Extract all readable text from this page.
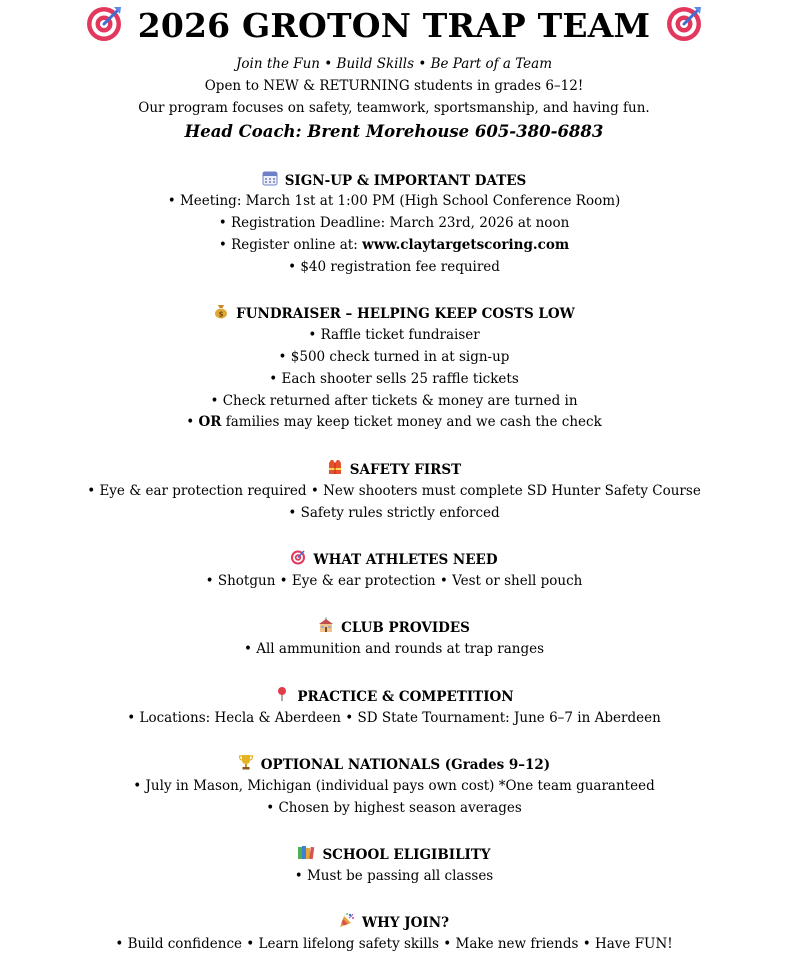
2026 GROTON TRAP TEAM
Join the Fun • Build Skills • Be Part of a Team
Open to NEW & RETURNING students in grades 6–12!
Our program focuses on safety, teamwork, sportsmanship, and having fun.
Head Coach: Brent Morehouse 605-380-6883
SIGN-UP & IMPORTANT DATES
• Meeting: March 1st at 1:00 PM (High School Conference Room)
• Registration Deadline: March 23rd, 2026 at noon
• Register online at: www.claytargetscoring.com
• $40 registration fee required
$ FUNDRAISER – HELPING KEEP COSTS LOW
• Raffle ticket fundraiser
• $500 check turned in at sign-up
• Each shooter sells 25 raffle tickets
• Check returned after tickets & money are turned in
• OR families may keep ticket money and we cash the check
SAFETY FIRST
• Eye & ear protection required • New shooters must complete SD Hunter Safety Course
• Safety rules strictly enforced
WHAT ATHLETES NEED
• Shotgun • Eye & ear protection • Vest or shell pouch
CLUB PROVIDES
• All ammunition and rounds at trap ranges
PRACTICE & COMPETITION
• Locations: Hecla & Aberdeen • SD State Tournament: June 6–7 in Aberdeen
OPTIONAL NATIONALS (Grades 9–12)
• July in Mason, Michigan (individual pays own cost) *One team guaranteed
• Chosen by highest season averages
SCHOOL ELIGIBILITY
• Must be passing all classes
WHY JOIN?
• Build confidence • Learn lifelong safety skills • Make new friends • Have FUN!
